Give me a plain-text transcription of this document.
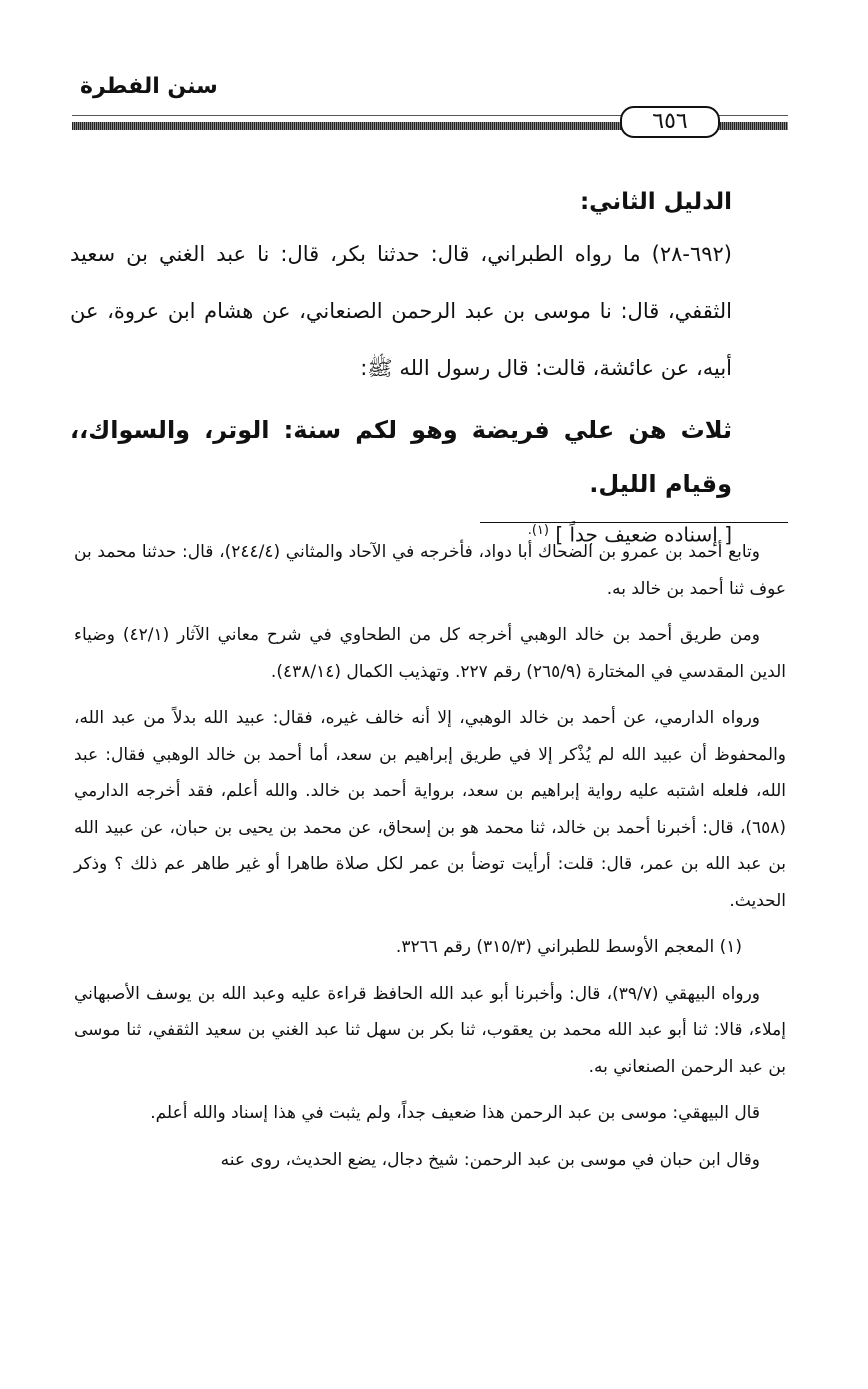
سنن الفطرة
٦٥٦

الدليل الثاني:

(٦٩٢-٢٨) ما رواه الطبراني، قال: حدثنا بكر، قال: نا عبد الغني بن سعيد الثقفي، قال: نا موسى بن عبد الرحمن الصنعاني، عن هشام ابن عروة، عن أبيه، عن عائشة، قالت: قال رسول الله ﷺ:

ثلاث هن علي فريضة وهو لكم سنة: الوتر، والسواك،، وقيام الليل.

[ إسناده ضعيف جداً ] $^{(١).}$

وتابع أحمد بن عمرو بن الضحاك أبا دواد، فأخرجه في الآحاد والمثاني (٢٤٤/٤)، قال: حدثنا محمد بن عوف ثنا أحمد بن خالد به.

ومن طريق أحمد بن خالد الوهبي أخرجه كل من الطحاوي في شرح معاني الآثار (٤٢/١) وضياء الدين المقدسي في المختارة (٢٦٥/٩) رقم ٢٢٧. وتهذيب الكمال (٤٣٨/١٤).

ورواه الدارمي، عن أحمد بن خالد الوهبي، إلا أنه خالف غيره، فقال: عبيد الله بدلاً من عبد الله، والمحفوظ أن عبيد الله لم يُذْكر إلا في طريق إبراهيم بن سعد، أما أحمد بن خالد الوهبي فقال: عبد الله، فلعله اشتبه عليه رواية إبراهيم بن سعد، برواية أحمد بن خالد. والله أعلم، فقد أخرجه الدارمي (٦٥٨)، قال: أخبرنا أحمد بن خالد، ثنا محمد هو بن إسحاق، عن محمد بن يحيى بن حبان، عن عبيد الله بن عبد الله بن عمر، قال: قلت: أرأيت توضأ بن عمر لكل صلاة طاهرا أو غير طاهر عم ذلك ؟ وذكر الحديث.

(١) المعجم الأوسط للطبراني (٣١٥/٣) رقم ٣٢٦٦.

ورواه البيهقي (٣٩/٧)، قال: وأخبرنا أبو عبد الله الحافظ قراءة عليه وعبد الله بن يوسف الأصبهاني إملاء، قالا: ثنا أبو عبد الله محمد بن يعقوب، ثنا بكر بن سهل ثنا عبد الغني بن سعيد الثقفي، ثنا موسى بن عبد الرحمن الصنعاني به.

قال البيهقي: موسى بن عبد الرحمن هذا ضعيف جداً، ولم يثبت في هذا إسناد والله أعلم.

وقال ابن حبان في موسى بن عبد الرحمن: شيخ دجال، يضع الحديث، روى عنه
